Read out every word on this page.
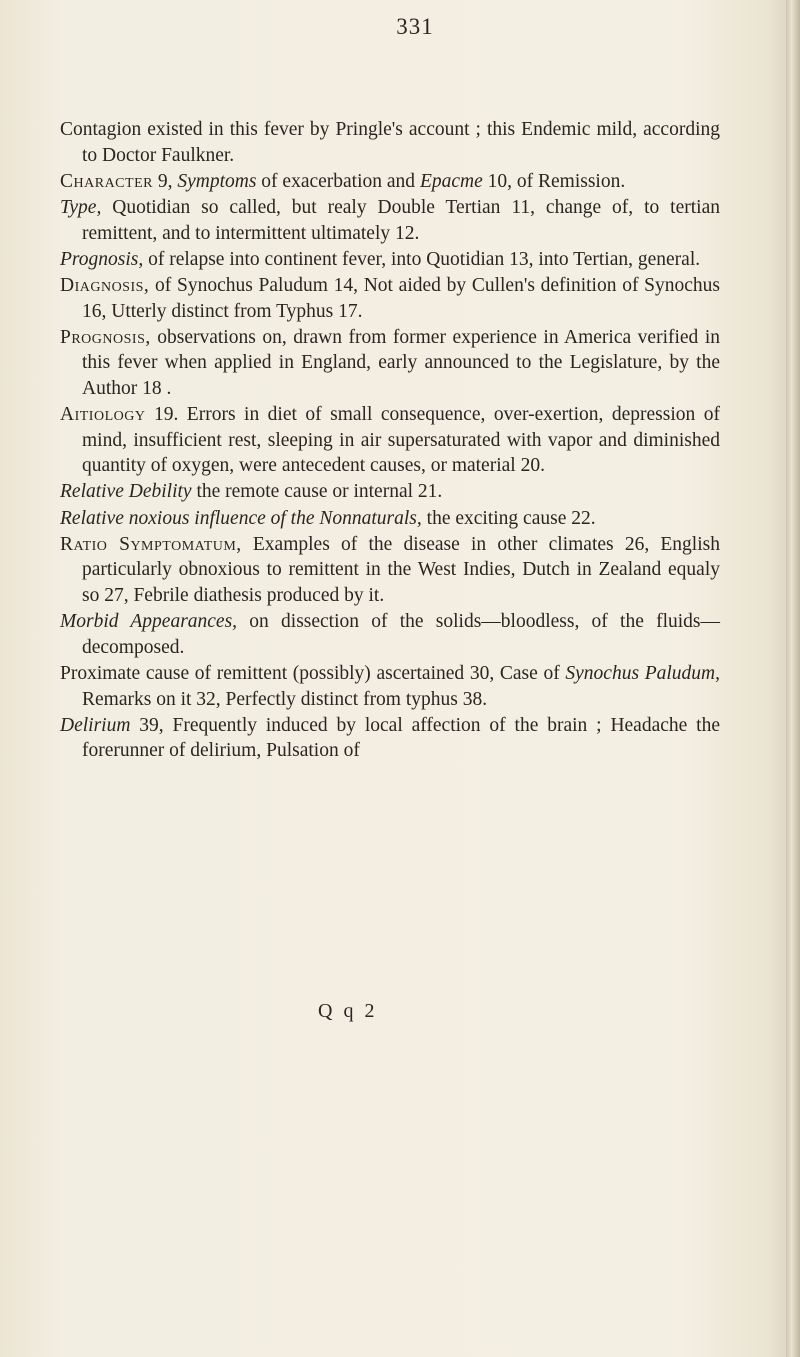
331

Contagion existed in this fever by Pringle's account ; this Endemic mild, according to Doctor Faulkner.

Character 9, Symptoms of exacerbation and Epacme 10, of Remission.

Type, Quotidian so called, but realy Double Tertian 11, change of, to tertian remittent, and to intermittent ultimately 12.

Prognosis, of relapse into continent fever, into Quotidian 13, into Tertian, general.

Diagnosis, of Synochus Paludum 14, Not aided by Cullen's definition of Synochus 16, Utterly distinct from Typhus 17.

Prognosis, observations on, drawn from former experience in America verified in this fever when applied in England, early announced to the Legislature, by the Author 18 .

Aitiology 19. Errors in diet of small consequence, over-exertion, depression of mind, insufficient rest, sleeping in air supersaturated with vapor and diminished quantity of oxygen, were antecedent causes, or material 20.

Relative Debility the remote cause or internal 21.

Relative noxious influence of the Nonnaturals, the exciting cause 22.

Ratio Symptomatum, Examples of the disease in other climates 26, English particularly obnoxious to remittent in the West Indies, Dutch in Zealand equaly so 27, Febrile diathesis produced by it.

Morbid Appearances, on dissection of the solids—bloodless, of the fluids—decomposed.

Proximate cause of remittent (possibly) ascertained 30, Case of Synochus Paludum, Remarks on it 32, Perfectly distinct from typhus 38.

Delirium 39, Frequently induced by local affection of the brain ; Headache the forerunner of delirium, Pulsation of

Q q 2
